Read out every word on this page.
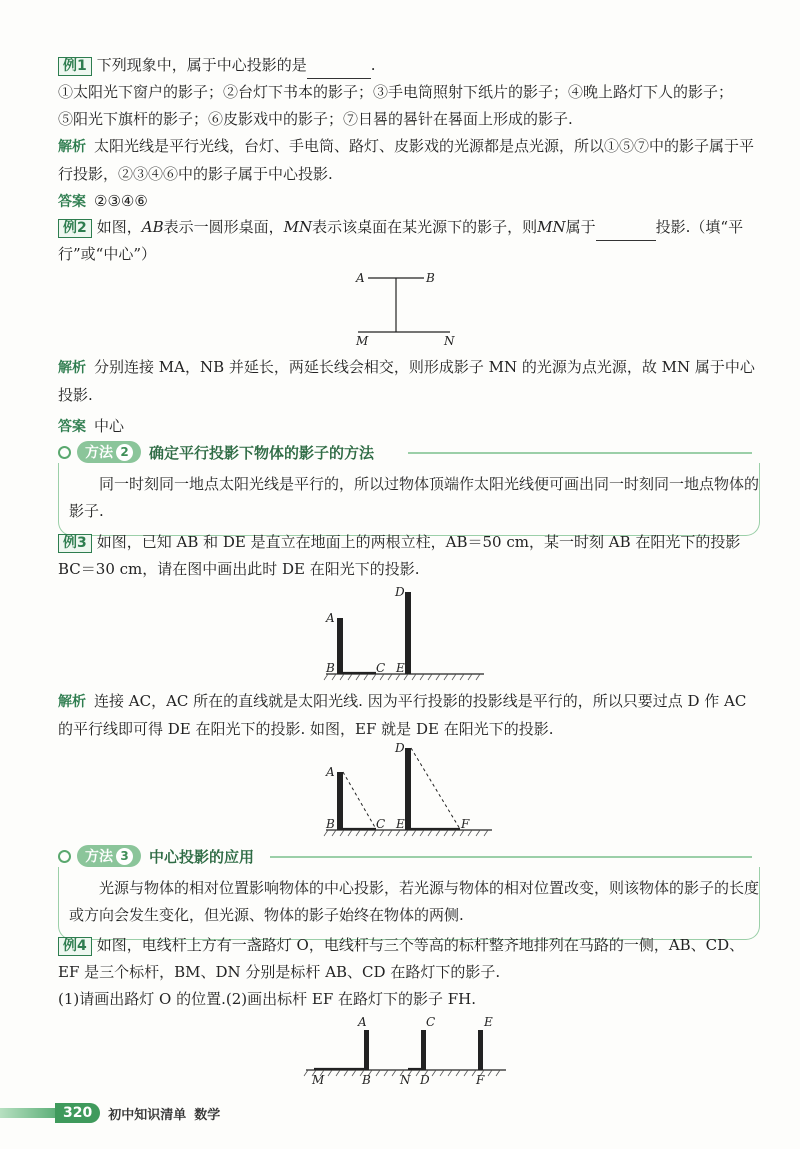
例1 下列现象中，属于中心投影的是	.
①太阳光下窗户的影子；②台灯下书本的影子；③手电筒照射下纸片的影子；④晚上路灯下人的影子；
⑤阳光下旗杆的影子；⑥皮影戏中的影子；⑦日晷的晷针在晷面上形成的影子.
解析 太阳光线是平行光线，台灯、手电筒、路灯、皮影戏的光源都是点光源，所以①⑤⑦中的影子属于平行投影，②③④⑥中的影子属于中心投影.
答案 ②③④⑥
例2 如图，AB表示一圆形桌面，MN表示该桌面在某光源下的影子，则MN属于	投影.（填“平行”或“中心”）
A	B
M	N
解析 分别连接 MA，NB 并延长，两延长线会相交，则形成影子 MN 的光源为点光源，故 MN 属于中心投影.
答案 中心
方法 2 确定平行投影下物体的影子的方法
同一时刻同一地点太阳光线是平行的，所以过物体顶端作太阳光线便可画出同一时刻同一地点物体的影子.
例3 如图，已知 AB 和 DE 是直立在地面上的两根立柱，AB＝50 cm，某一时刻 AB 在阳光下的投影 BC＝30 cm，请在图中画出此时 DE 在阳光下的投影.
A
B	C
D
E
解析 连接 AC，AC 所在的直线就是太阳光线. 因为平行投影的投影线是平行的，所以只要过点 D 作 AC 的平行线即可得 DE 在阳光下的投影. 如图，EF 就是 DE 在阳光下的投影.
A
B	C
D
E	F
方法 3 中心投影的应用
光源与物体的相对位置影响物体的中心投影，若光源与物体的相对位置改变，则该物体的影子的长度或方向会发生变化，但光源、物体的影子始终在物体的两侧.
例4 如图，电线杆上方有一盏路灯 O，电线杆与三个等高的标杆整齐地排列在马路的一侧，AB、CD、EF 是三个标杆，BM、DN 分别是标杆 AB、CD 在路灯下的影子.
(1)请画出路灯 O 的位置.(2)画出标杆 EF 在路灯下的影子 FH.
A	C	E
M	B N D	F
320	初中知识清单 数学
